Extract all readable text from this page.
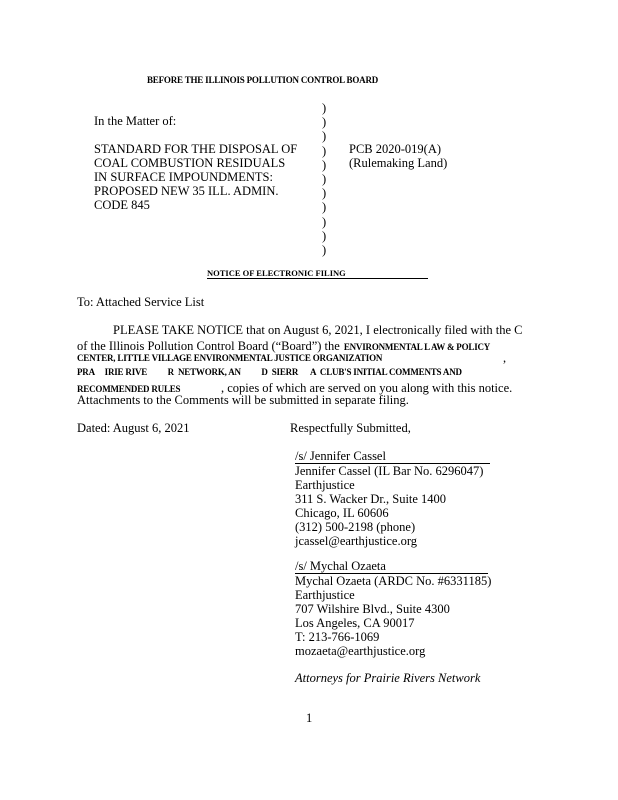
BEFORE THE ILLINOIS POLLUTION CONTROL BOARD
)
)
)
)
)
)
)
)
)
)
)
In the Matter of:
STANDARD FOR THE DISPOSAL OF
COAL COMBUSTION RESIDUALS
IN SURFACE IMPOUNDMENTS:
PROPOSED NEW 35 ILL. ADMIN.
CODE 845
PCB 2020-019(A)
(Rulemaking Land)
NOTICE OF ELECTRONIC FILING
To: Attached Service List
PLEASE TAKE NOTICE that on August 6, 2021, I electronically filed with the C
of the Illinois Pollution Control Board (“Board”) the ENVIRONMENTAL L AW & POLICY
CENTER, LITTLE VILLAGE ENVIRONMENTAL JUSTICE ORGANIZATION	,
PRA     IRIE RIVE          R  NETWORK, AN          D  SIERR      A  CLUB'S INITIAL COMMENTS AND
RECOMMENDED RULES	, copies of which are served on you along with this notice.
Attachments to the Comments will be submitted in separate filing.
Dated: August 6, 2021	Respectfully Submitted,
/s/ Jennifer Cassel
Jennifer Cassel (IL Bar No. 6296047)
Earthjustice
311 S. Wacker Dr., Suite 1400
Chicago, IL 60606
(312) 500-2198 (phone)
jcassel@earthjustice.org
/s/ Mychal Ozaeta
Mychal Ozaeta (ARDC No. #6331185)
Earthjustice
707 Wilshire Blvd., Suite 4300
Los Angeles, CA 90017
T: 213-766-1069
mozaeta@earthjustice.org
Attorneys for Prairie Rivers Network
1
